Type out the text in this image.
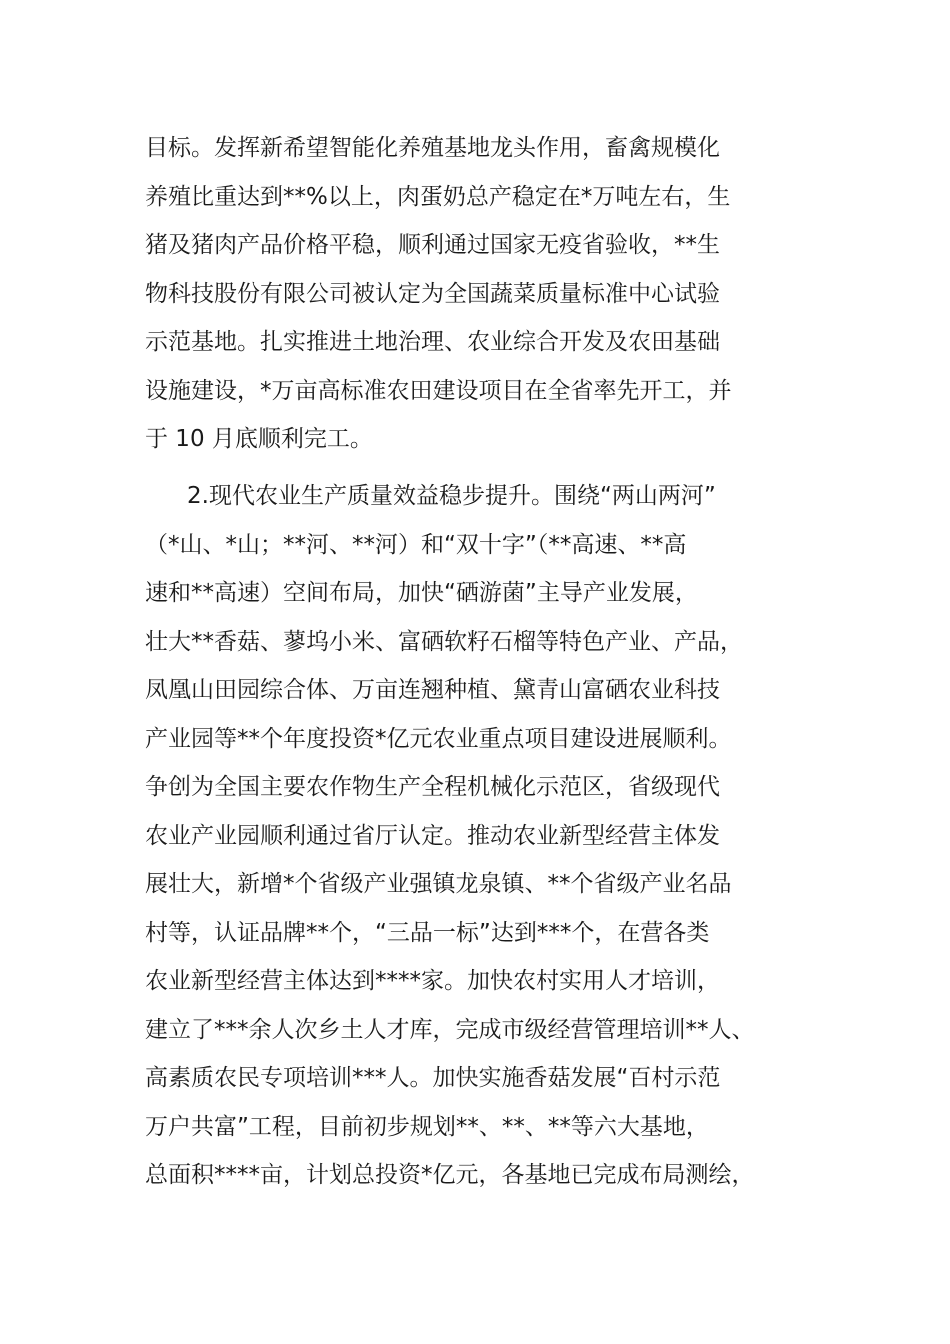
目标。发挥新希望智能化养殖基地龙头作用，畜禽规模化
养殖比重达到**%以上，肉蛋奶总产稳定在*万吨左右，生
猪及猪肉产品价格平稳，顺利通过国家无疫省验收，**生
物科技股份有限公司被认定为全国蔬菜质量标准中心试验
示范基地。扎实推进土地治理、农业综合开发及农田基础
设施建设，*万亩高标准农田建设项目在全省率先开工，并
于 10 月底顺利完工。
2.现代农业生产质量效益稳步提升。围绕“两山两河”
（*山、*山；**河、**河）和“双十字”（**高速、**高
速和**高速）空间布局，加快“硒游菌”主导产业发展，
壮大**香菇、蓼坞小米、富硒软籽石榴等特色产业、产品，
凤凰山田园综合体、万亩连翘种植、黛青山富硒农业科技
产业园等**个年度投资*亿元农业重点项目建设进展顺利。
争创为全国主要农作物生产全程机械化示范区，省级现代
农业产业园顺利通过省厅认定。推动农业新型经营主体发
展壮大，新增*个省级产业强镇龙泉镇、**个省级产业名品
村等，认证品牌**个，“三品一标”达到***个，在营各类
农业新型经营主体达到****家。加快农村实用人才培训，
建立了***余人次乡土人才库，完成市级经营管理培训**人、
高素质农民专项培训***人。加快实施香菇发展“百村示范
万户共富”工程，目前初步规划**、**、**等六大基地，
总面积****亩，计划总投资*亿元，各基地已完成布局测绘，
